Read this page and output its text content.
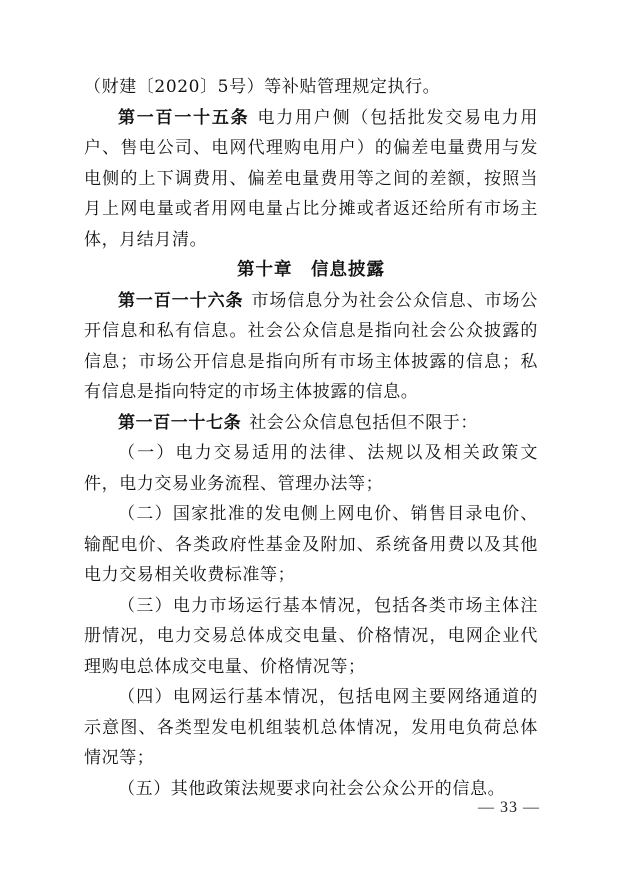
（财建〔2020〕5号）等补贴管理规定执行。

第一百一十五条 电力用户侧（包括批发交易电力用户、售电公司、电网代理购电用户）的偏差电量费用与发电侧的上下调费用、偏差电量费用等之间的差额，按照当月上网电量或者用网电量占比分摊或者返还给所有市场主体，月结月清。

第十章　信息披露

第一百一十六条 市场信息分为社会公众信息、市场公开信息和私有信息。社会公众信息是指向社会公众披露的信息；市场公开信息是指向所有市场主体披露的信息；私有信息是指向特定的市场主体披露的信息。

第一百一十七条 社会公众信息包括但不限于：

（一）电力交易适用的法律、法规以及相关政策文件，电力交易业务流程、管理办法等；

（二）国家批准的发电侧上网电价、销售目录电价、输配电价、各类政府性基金及附加、系统备用费以及其他电力交易相关收费标准等；

（三）电力市场运行基本情况，包括各类市场主体注册情况，电力交易总体成交电量、价格情况，电网企业代理购电总体成交电量、价格情况等；

（四）电网运行基本情况，包括电网主要网络通道的示意图、各类型发电机组装机总体情况，发用电负荷总体情况等；

（五）其他政策法规要求向社会公众公开的信息。

— 33 —
